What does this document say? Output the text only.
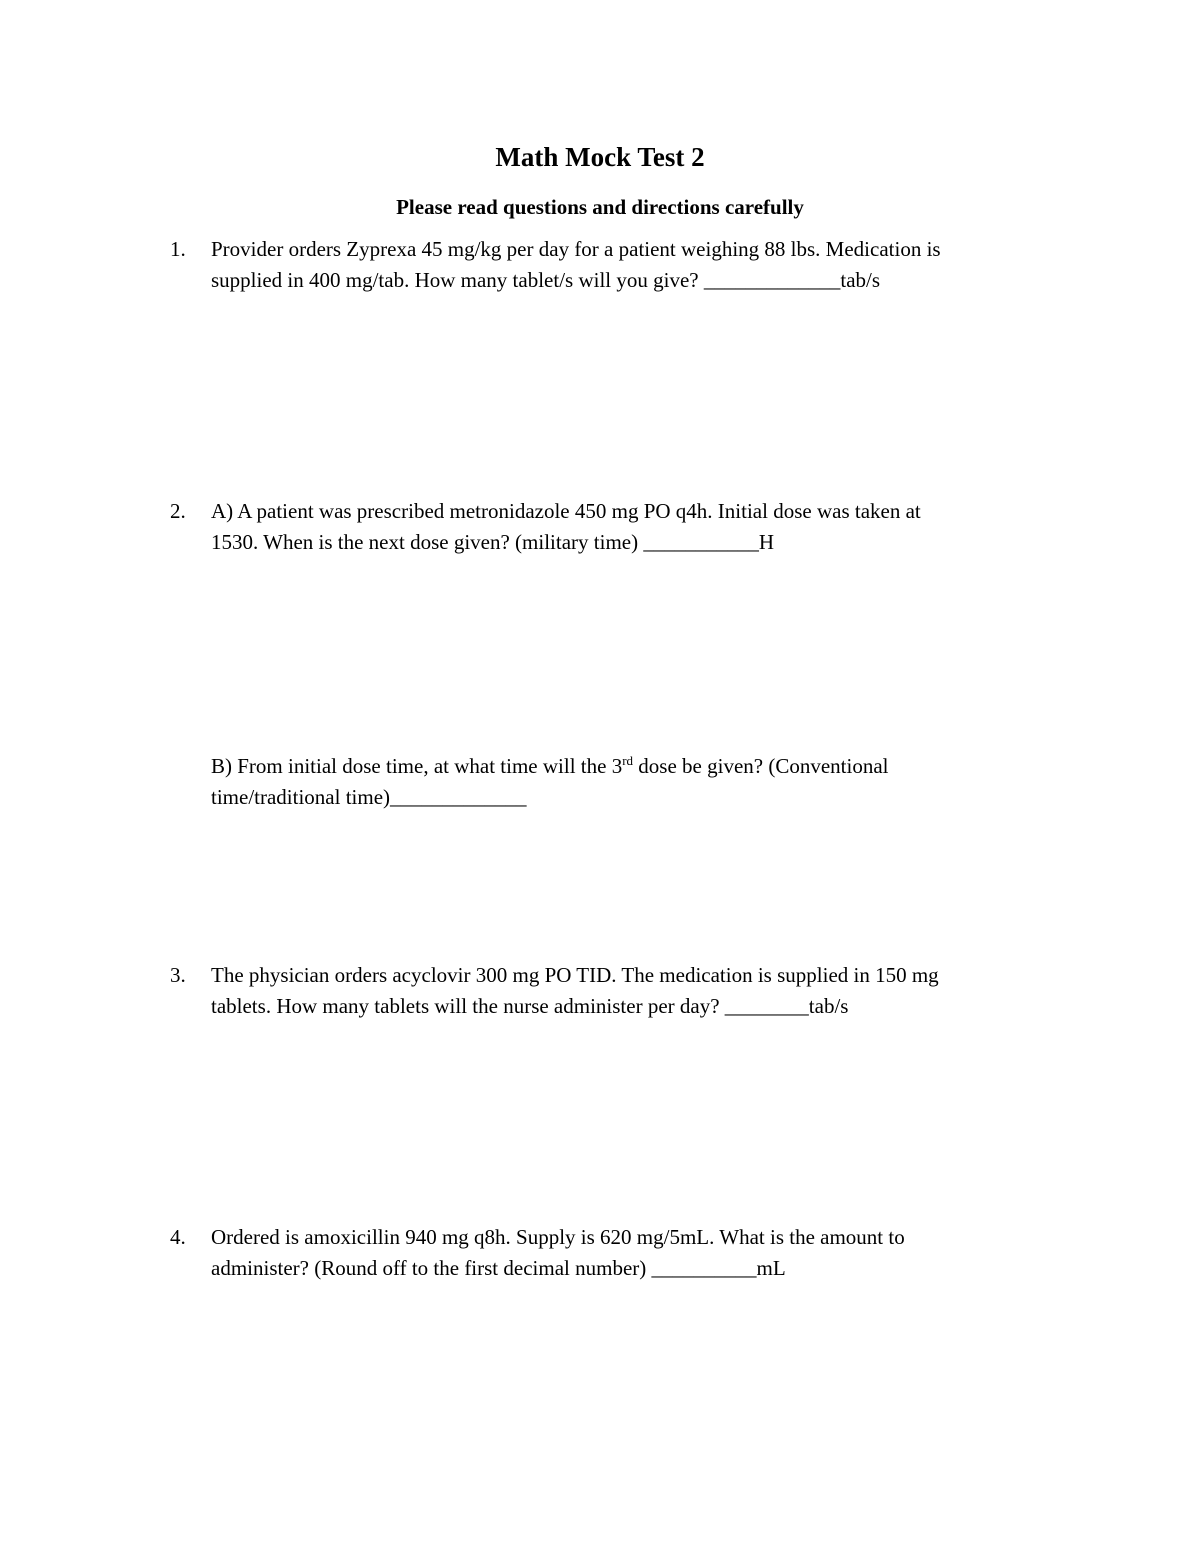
Math Mock Test 2
Please read questions and directions carefully
1.	Provider orders Zyprexa 45 mg/kg per day for a patient weighing 88 lbs. Medication is
supplied in 400 mg/tab. How many tablet/s will you give? _____________tab/s
2.	A) A patient was prescribed metronidazole 450 mg PO q4h. Initial dose was taken at
1530. When is the next dose given? (military time) ___________H
B) From initial dose time, at what time will the 3rd dose be given? (Conventional
time/traditional time)_____________
3.	The physician orders acyclovir 300 mg PO TID. The medication is supplied in 150 mg
tablets. How many tablets will the nurse administer per day? ________tab/s
4.	Ordered is amoxicillin 940 mg q8h. Supply is 620 mg/5mL. What is the amount to
administer? (Round off to the first decimal number) __________mL
